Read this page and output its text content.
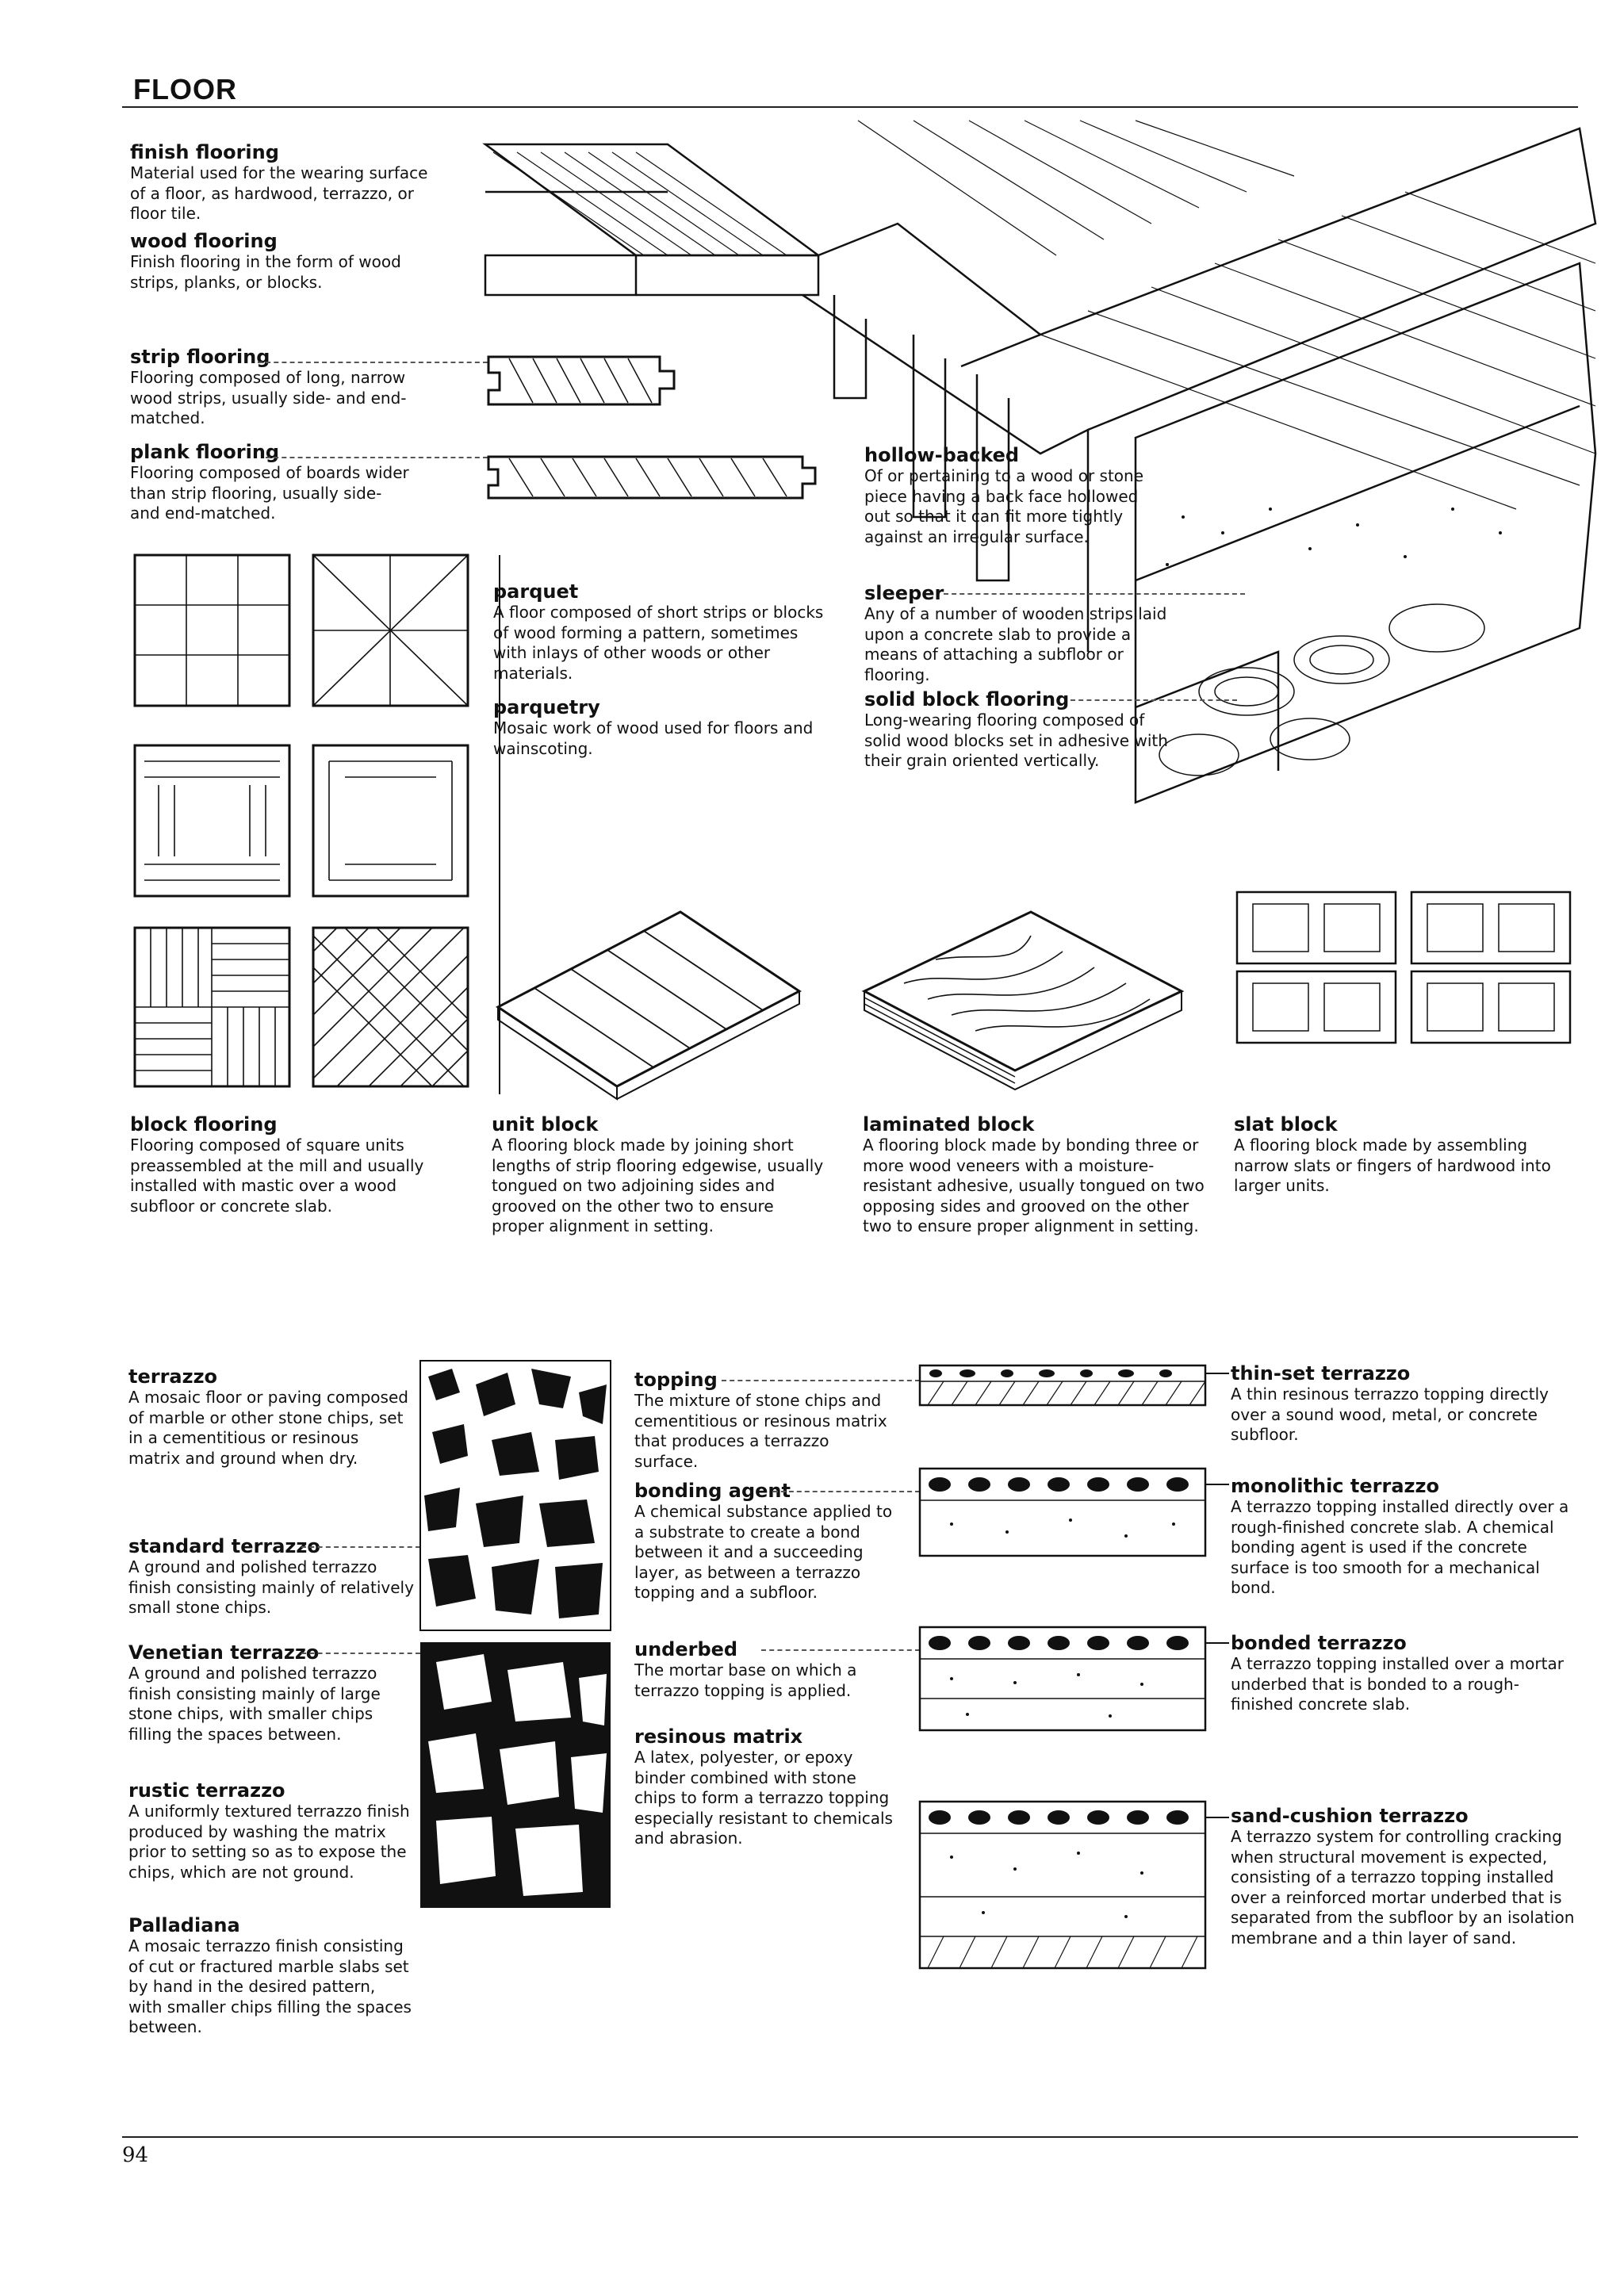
FLOOR
finish flooring
Material used for the wearing surface of a floor, as hardwood, terrazzo, or floor tile.
wood flooring
Finish flooring in the form of wood strips, planks, or blocks.
strip flooring
Flooring composed of long, narrow wood strips, usually side- and end-matched.
plank flooring
Flooring composed of boards wider than strip flooring, usually side- and end-matched.
hollow-backed
Of or pertaining to a wood or stone piece having a back face hollowed out so that it can fit more tightly against an irregular surface.
sleeper
Any of a number of wooden strips laid upon a concrete slab to provide a means of attaching a subfloor or flooring.
solid block flooring
Long-wearing flooring composed of solid wood blocks set in adhesive with their grain oriented vertically.
parquet
A floor composed of short strips or blocks of wood forming a pattern, sometimes with inlays of other woods or other materials.
parquetry
Mosaic work of wood used for floors and wainscoting.
block flooring
Flooring composed of square units preassembled at the mill and usually installed with mastic over a wood subfloor or concrete slab.
unit block
A flooring block made by joining short lengths of strip flooring edgewise, usually tongued on two adjoining sides and grooved on the other two to ensure proper alignment in setting.
laminated block
A flooring block made by bonding three or more wood veneers with a moisture-resistant adhesive, usually tongued on two opposing sides and grooved on the other two to ensure proper alignment in setting.
slat block
A flooring block made by assembling narrow slats or fingers of hardwood into larger units.
terrazzo
A mosaic floor or paving composed of marble or other stone chips, set in a cementitious or resinous matrix and ground when dry.
standard terrazzo
A ground and polished terrazzo finish consisting mainly of relatively small stone chips.
Venetian terrazzo
A ground and polished terrazzo finish consisting mainly of large stone chips, with smaller chips filling the spaces between.
rustic terrazzo
A uniformly textured terrazzo finish produced by washing the matrix prior to setting so as to expose the chips, which are not ground.
Palladiana
A mosaic terrazzo finish consisting of cut or fractured marble slabs set by hand in the desired pattern, with smaller chips filling the spaces between.
topping
The mixture of stone chips and cementitious or resinous matrix that produces a terrazzo surface.
bonding agent
A chemical substance applied to a substrate to create a bond between it and a succeeding layer, as between a terrazzo topping and a subfloor.
underbed
The mortar base on which a terrazzo topping is applied.
resinous matrix
A latex, polyester, or epoxy binder combined with stone chips to form a terrazzo topping especially resistant to chemicals and abrasion.
thin-set terrazzo
A thin resinous terrazzo topping directly over a sound wood, metal, or concrete subfloor.
monolithic terrazzo
A terrazzo topping installed directly over a rough-finished concrete slab. A chemical bonding agent is used if the concrete surface is too smooth for a mechanical bond.
bonded terrazzo
A terrazzo topping installed over a mortar underbed that is bonded to a rough-finished concrete slab.
sand-cushion terrazzo
A terrazzo system for controlling cracking when structural movement is expected, consisting of a terrazzo topping installed over a reinforced mortar underbed that is separated from the subfloor by an isolation membrane and a thin layer of sand.
94
